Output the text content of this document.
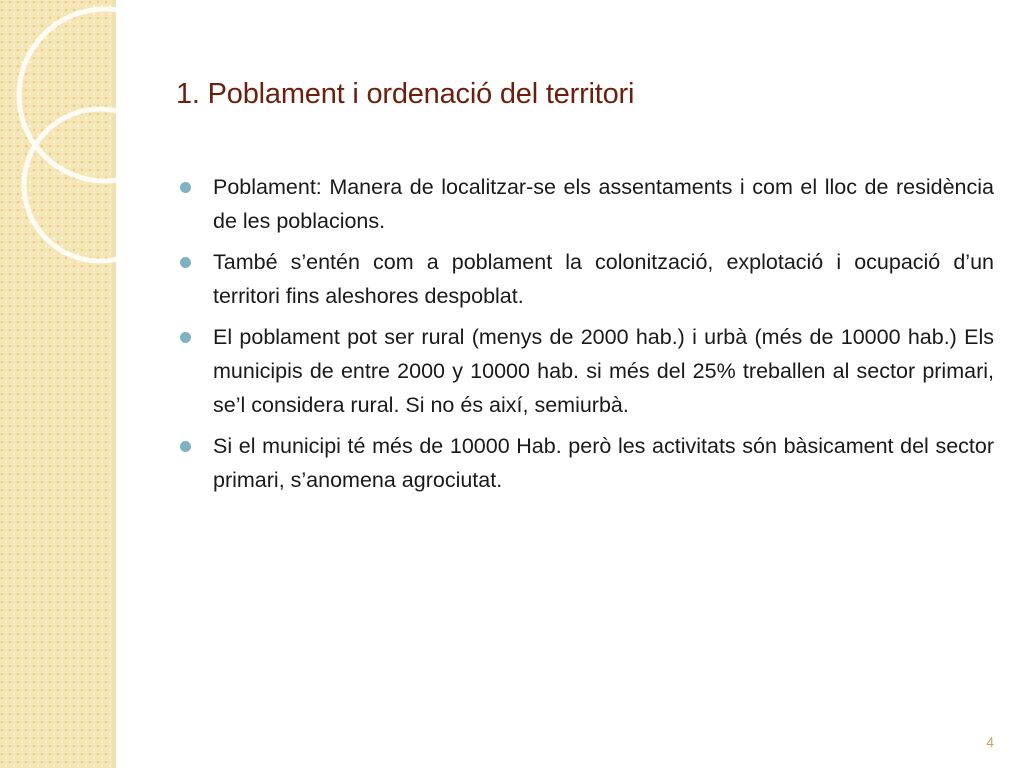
1. Poblament i ordenació del territori
Poblament: Manera de localitzar-se els assentaments i com el lloc de residència de les poblacions.
També s’entén com a poblament la colonització, explotació i ocupació d’un territori fins aleshores despoblat.
El poblament pot ser rural (menys de 2000 hab.) i urbà (més de 10000 hab.) Els municipis de entre 2000 y 10000 hab. si més del 25% treballen al sector primari, se’l considera rural. Si no és així, semiurbà.
Si el municipi té més de 10000 Hab. però les activitats són bàsicament del sector primari, s’anomena agrociutat.
4
